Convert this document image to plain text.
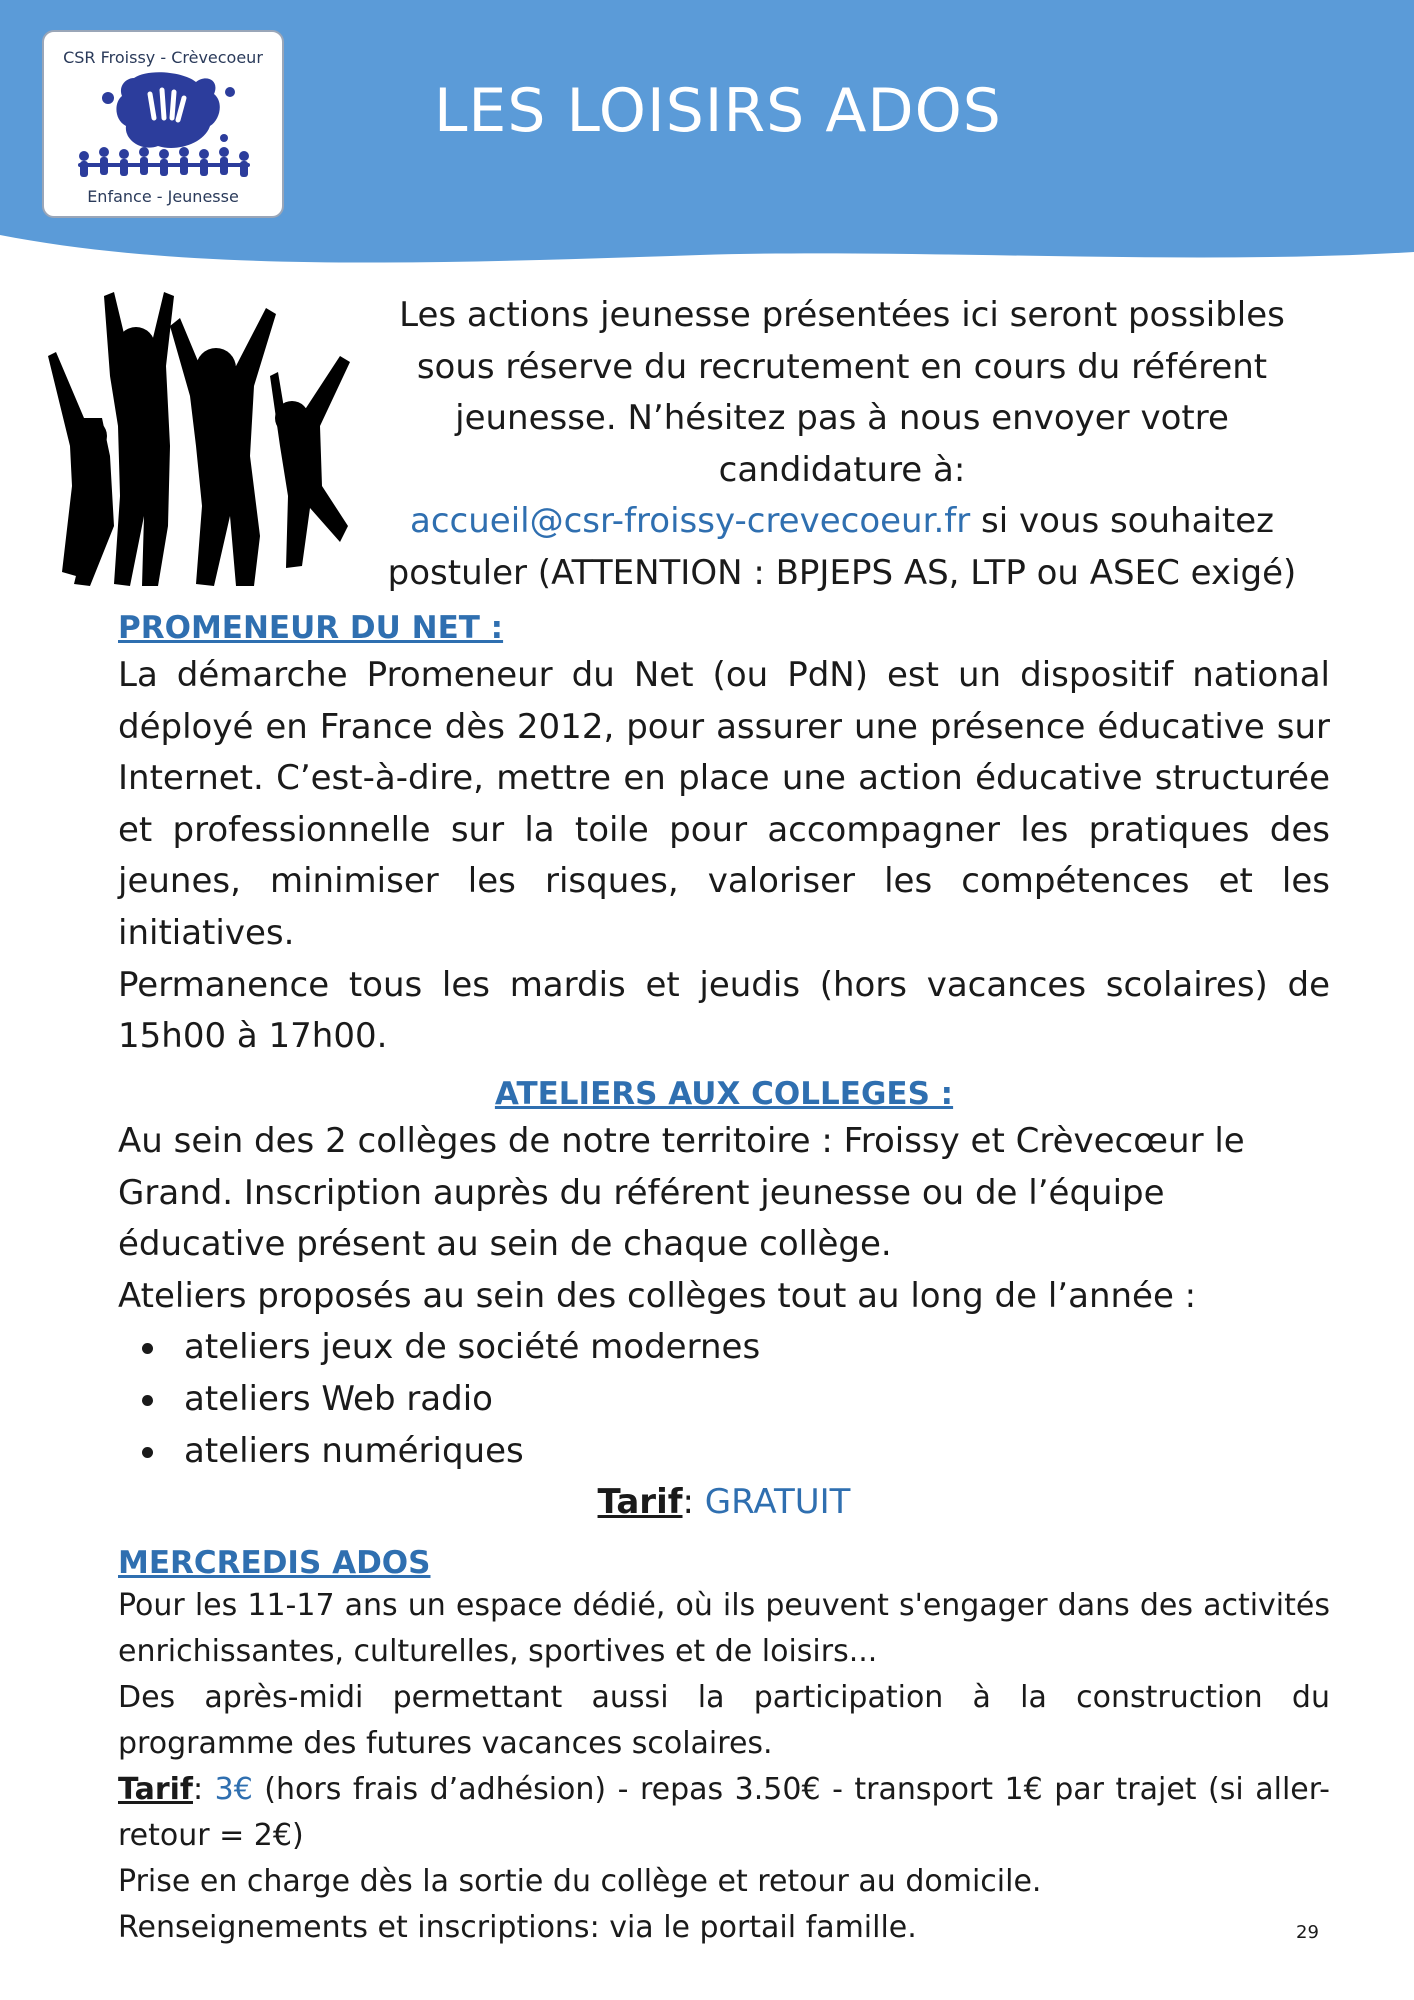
CSR Froissy - Crèvecoeur
Enfance - Jeunesse
LES LOISIRS ADOS
Les actions jeunesse présentées ici seront possibles
sous réserve du recrutement en cours du référent
jeunesse. N’hésitez pas à nous envoyer votre
candidature à:
accueil@csr-froissy-crevecoeur.fr si vous souhaitez
postuler (ATTENTION : BPJEPS AS, LTP ou ASEC exigé)
PROMENEUR DU NET :
La démarche Promeneur du Net (ou PdN) est un dispositif national déployé en France dès 2012, pour assurer une présence éducative sur Internet. C’est-à-dire, mettre en place une action éducative structurée et professionnelle sur la toile pour accompagner les pratiques des jeunes, minimiser les risques, valoriser les compétences et les initiatives.
Permanence tous les mardis et jeudis (hors vacances scolaires) de 15h00 à 17h00.
ATELIERS AUX COLLEGES :
Au sein des 2 collèges de notre territoire : Froissy et Crèvecœur le Grand. Inscription auprès du référent jeunesse ou de l’équipe éducative présent au sein de chaque collège.
Ateliers proposés au sein des collèges tout au long de l’année :
ateliers jeux de société modernes
ateliers Web radio
ateliers numériques
Tarif: GRATUIT
MERCREDIS ADOS
Pour les 11-17 ans un espace dédié, où ils peuvent s'engager dans des activités enrichissantes, culturelles, sportives et de loisirs...
Des après-midi permettant aussi la participation à la construction du programme des futures vacances scolaires.
Tarif: 3€ (hors frais d’adhésion) - repas 3.50€ - transport 1€ par trajet (si aller-retour = 2€)
Prise en charge dès la sortie du collège et retour au domicile.
Renseignements et inscriptions: via le portail famille.	29
